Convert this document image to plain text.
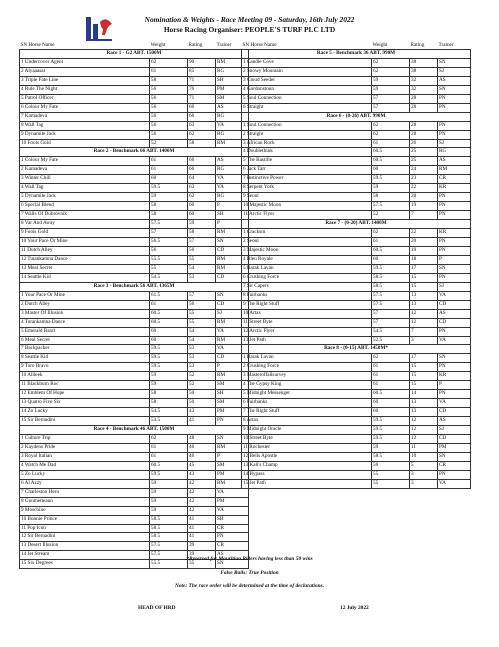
Nomination & Weights - Race Meeting 09 - Saturday, 16th July 2022
Horse Racing Organiser: PEOPLE'S TURF PLC LTD
SN Horse Name	Weight	Rating	Trainer
Race 1 - G2 ABT. 1500M			
1 Undercover Agent	62	90	RM
2 Alyaaasat	61	85	RG
3 Triple Fate Line	58	71	SH
4 Rule The Night	56	76	PM
5 Patrol Officer	56	71	SM
6 Colour My Fate	56	66	AS
7 Kamadeva	56	66	RG
8 Wall Tag	56	63	VA
9 Dynamite Jack	56	62	RG
10 Fools Gold	52	58	RM
Race 2 - Benchmark 66 ABT. 1400M			
1 Colour My Fate	61	66	AS
2 Kamadeva	61	66	RG
3 Winter Chill	60	64	VA
4 Wall Tag	59.5	63	VA
5 Dynamite Jack	59	62	RG
6 Special Blend	58	60	P
7 Walls Of Dubrovnik	58	60	SH
8 Var And Away	57.5	59	P
9 Fools Gold	57	58	RM
10 Your Pace Or Mine	56.5	57	SN
11 Dutch Alley	56	56	CD
12 Tutankamna Dance	55.5	55	RM
13 Meal Secret	55	54	RM
14 Seattle Kid	54.5	53	CD
Race 3 - Benchmark 56 ABT. 1365M			
1 Your Pace Or Mine	61.5	57	SN
2 Dutch Alley	61	56	CD
3 Master Of Illusion	60.5	55	SJ
4 Tutankamna Dance	60.5	55	RM
5 Emerald Band	60	54	VA
6 Meal Secret	60	54	RM
7 Backpacker	59.5	53	VA
8 Seattle Kid	59.5	53	CD
9 Toro Bravo	59.5	53	P
10 Allleek	59	52	RM
11 Blackburn Roc	59	52	SM
12 Emblem Of Hope	58	50	SH
13 Quatro Five Six	58	50	SM
14 Zo Lucky	54.5	43	PM
15 Sir Bernadini	53.5	41	PN
Race 4 - Benchmark 46 ABT. 1500M			
1 Culture Trip	62	48	SN
2 Kaydens Pride	61	46	RM
3 Royal Italian	61	46	P
4 Watch Me Dad	60.5	45	SM
5 Zo Lucky	59.5	43	PM
6 Al Azzy	59	42	RM
7 Charleston Hero	59	42	VA
8 Gunmetteaun	59	42	PM
9 Moschino	59	42	VA
10 Bonnie Prince	58.5	41	SH
11 Pop Icon	58.5	41	CR
12 Sir Bernadini	58.5	41	PN
13 Desert Illusion	57.5	39	CR
14 Jet Stream	57.5	39	AS
15 Six Degrees	55.5	35	SN
SN Horse Name	Weight	Rating	Trainer
Race 5 - Benchmark 36 ABT. 990M			
1 Candle Cove	62	38	SN
2 Snowy Mountain	62	38	SJ
3 Cloud Seeder	59	32	AS
4 Gordonstoun	59	32	SN
5 Soul Connection	57	28	PN
6 Straight	57	28	PN
Race 6 - (0-26) ABT. 990M			
1 Soul Connection	62	28	PN
2 Straight	62	28	PN
3 African Rock	61	26	SJ
4 Doublethink	60.5	25	RG
5 The Bastille	60.5	25	AS
6 Jack Tarr	60	24	RM
7 Instinctive Power	59.5	23	CR
8 Serpent York	59	22	KR
9 Seoul	58	20	PN
10 Majestic Moon	57.5	19	PN
11 Arctic Flyer	52	7	PN
Race 7 - (0-20) ABT. 1400M			
1 Cracksm	62	22	KR
2 Seoul	61	20	PN
3 Majestic Moon	60.5	19	PN
4 Bleu Royale	60	18	P
5 Barak Lavan	59.5	17	SN
6 Crushing Force	58.5	15	PN
7 Sir Capers	58.5	15	SJ
8 Fairbanks	57.5	13	VA
9 The Right Stuff	57.5	13	CD
10 Artax	57	12	AS
11 Street Byte	57	12	CD
12 Arctic Flyer	54.5	7	PN
13 Jet Path	52.5	3	VA
Race 8 - (0-15) ABT. 1450M*			
1 Barak Lavan	62	17	SN
2 Crushing Force	61	15	PN
3 Masteroffallsurvey	61	15	KR
4 The Gypsy King	61	15	P
5 Midnight Messenger	60.5	14	PN
6 Fairbanks	60	13	VA
7 The Right Stuff	60	13	CD
8 Artax	59.5	12	AS
9 Midnight Oracle	59.5	12	SJ
10 Street Byte	59.5	12	CD
11 Rochester	59	11	PM
12 Bells Apostle	58.5	10	SN
13 Kali's Champ	56	5	CR
14 Bypass	55	3	PN
15 Jet Path	55	3	VA
*Reserved for Mauritian Riders having less than 50 wins
False Rails: True Position
Note: The race order will be determined at the time of declarations.
HEAD OF HRD	12 July 2022
